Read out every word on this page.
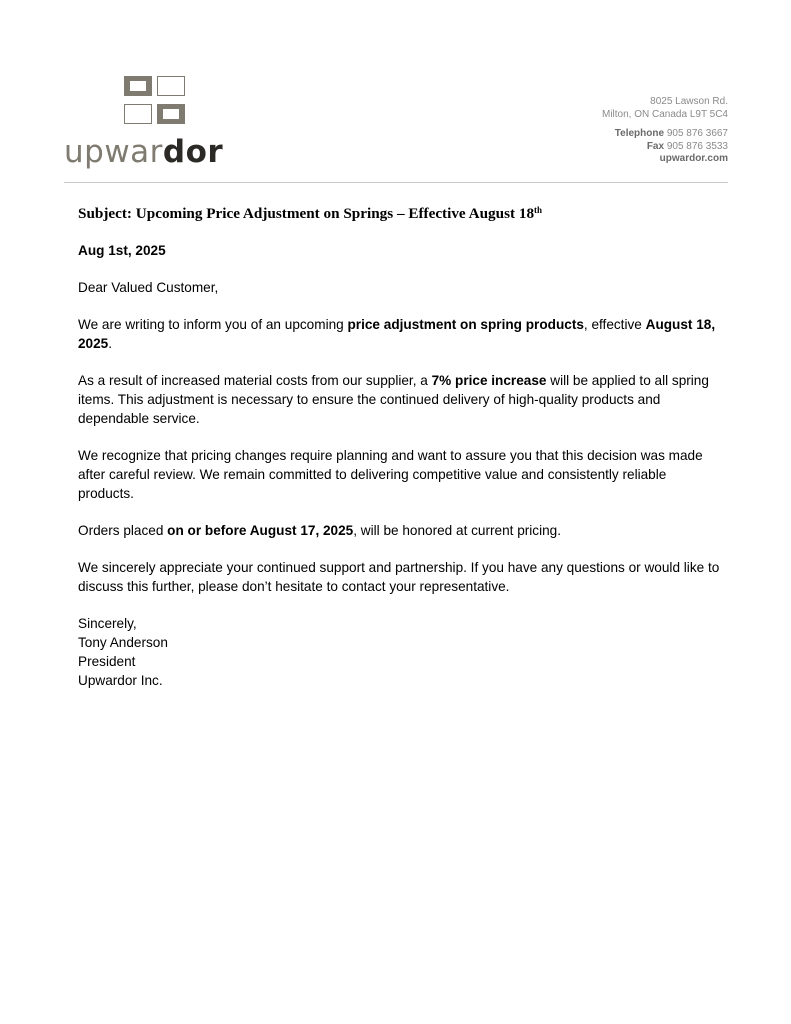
upwardor
8025 Lawson Rd.
Milton, ON Canada L9T 5C4
Telephone 905 876 3667
Fax 905 876 3533
upwardor.com
Subject: Upcoming Price Adjustment on Springs – Effective August 18th

Aug 1st, 2025

Dear Valued Customer,

We are writing to inform you of an upcoming price adjustment on spring products, effective August 18, 2025.

As a result of increased material costs from our supplier, a 7% price increase will be applied to all spring items. This adjustment is necessary to ensure the continued delivery of high-quality products and dependable service.

We recognize that pricing changes require planning and want to assure you that this decision was made after careful review. We remain committed to delivering competitive value and consistently reliable products.

Orders placed on or before August 17, 2025, will be honored at current pricing.

We sincerely appreciate your continued support and partnership. If you have any questions or would like to discuss this further, please don’t hesitate to contact your representative.

Sincerely,
Tony Anderson
President
Upwardor Inc.
